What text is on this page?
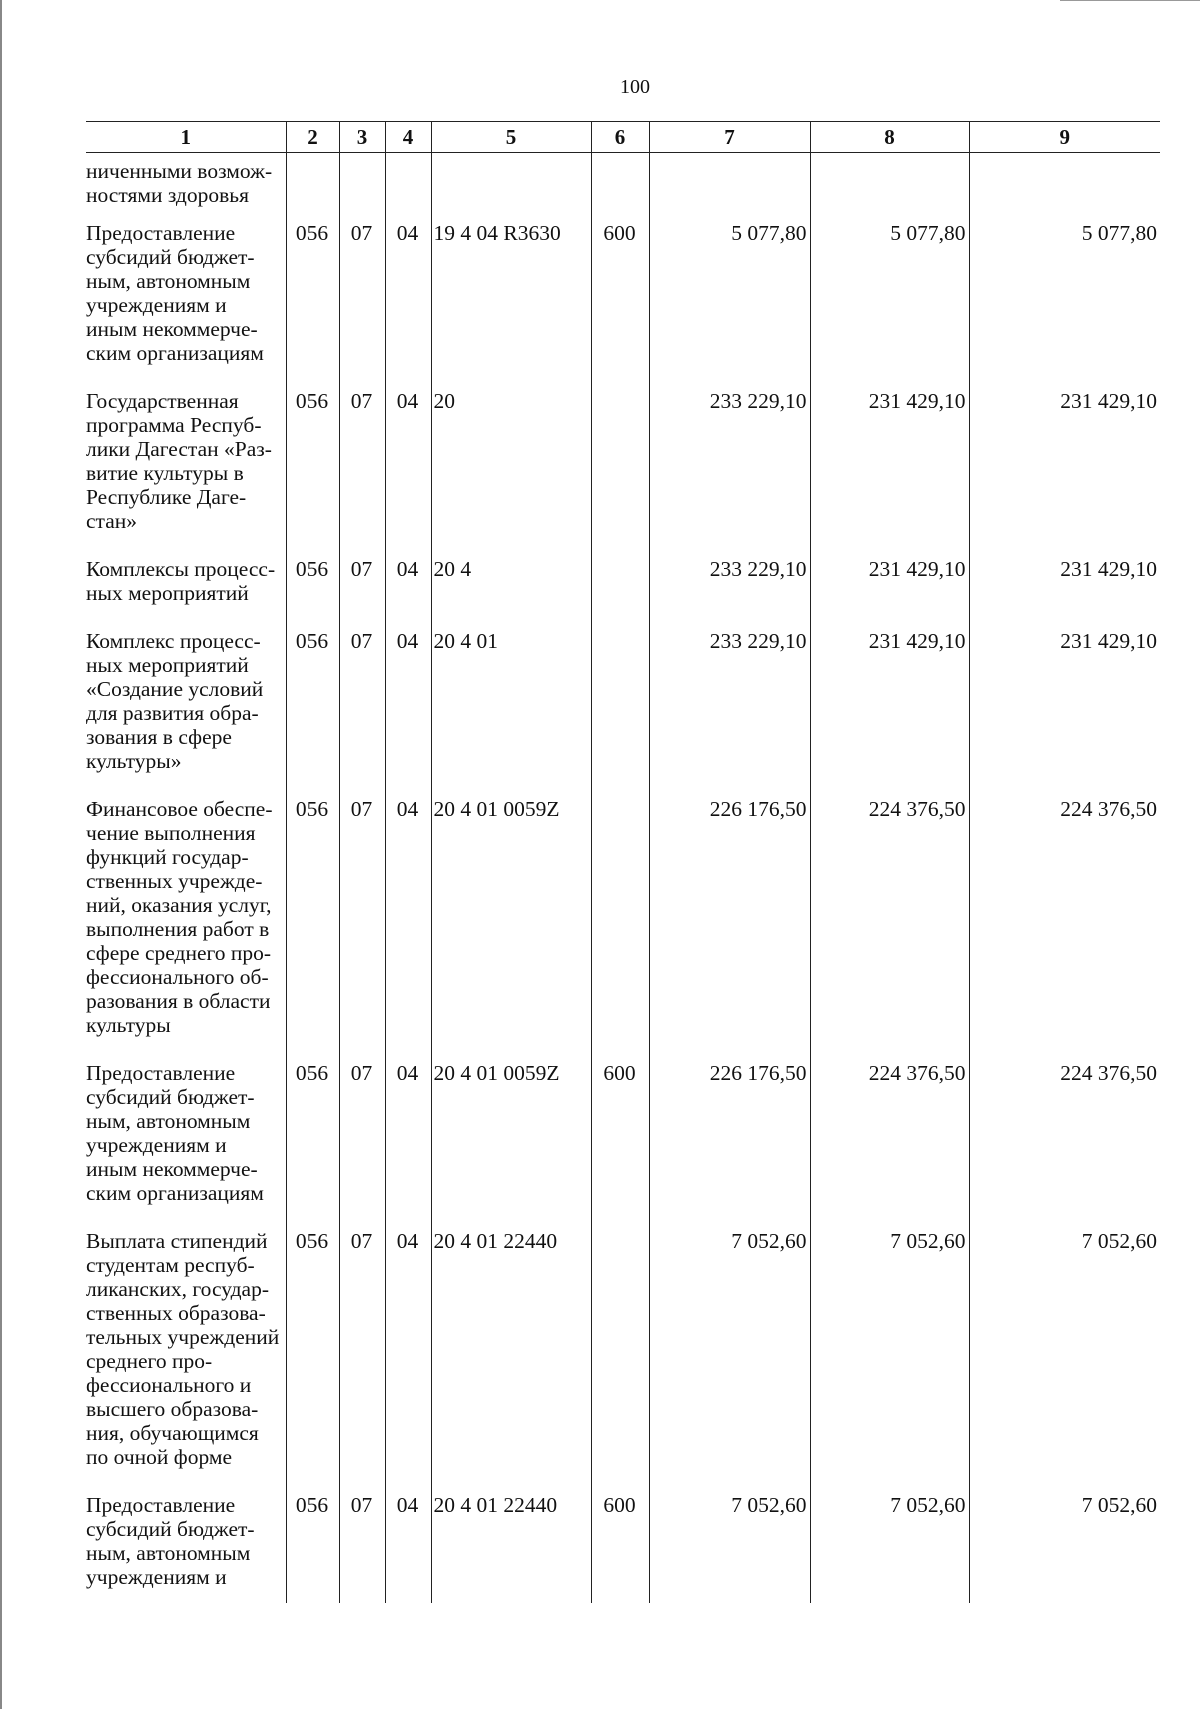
100
1	2	3	4	5	6	7	8	9
ниченными возможностями здоровья								
Предоставление субсидий бюджетным, автономным учреждениям и иным некоммерческим организациям	056	07	04	19 4 04 R3630	600	5 077,80	5 077,80	5 077,80
Государственная программа Республики Дагестан «Развитие культуры в Республике Дагестан»	056	07	04	20		233 229,10	231 429,10	231 429,10
Комплексы процессных мероприятий	056	07	04	20 4		233 229,10	231 429,10	231 429,10
Комплекс процессных мероприятий «Создание условий для развития образования в сфере культуры»	056	07	04	20 4 01		233 229,10	231 429,10	231 429,10
Финансовое обеспечение выполнения функций государственных учреждений, оказания услуг, выполнения работ в сфере среднего профессионального образования в области культуры	056	07	04	20 4 01 0059Z		226 176,50	224 376,50	224 376,50
Предоставление субсидий бюджетным, автономным учреждениям и иным некоммерческим организациям	056	07	04	20 4 01 0059Z	600	226 176,50	224 376,50	224 376,50
Выплата стипендий студентам республиканских, государственных образовательных учреждений среднего профессионального и высшего образования, обучающимся по очной форме	056	07	04	20 4 01 22440		7 052,60	7 052,60	7 052,60
Предоставление субсидий бюджетным, автономным учреждениям и	056	07	04	20 4 01 22440	600	7 052,60	7 052,60	7 052,60
